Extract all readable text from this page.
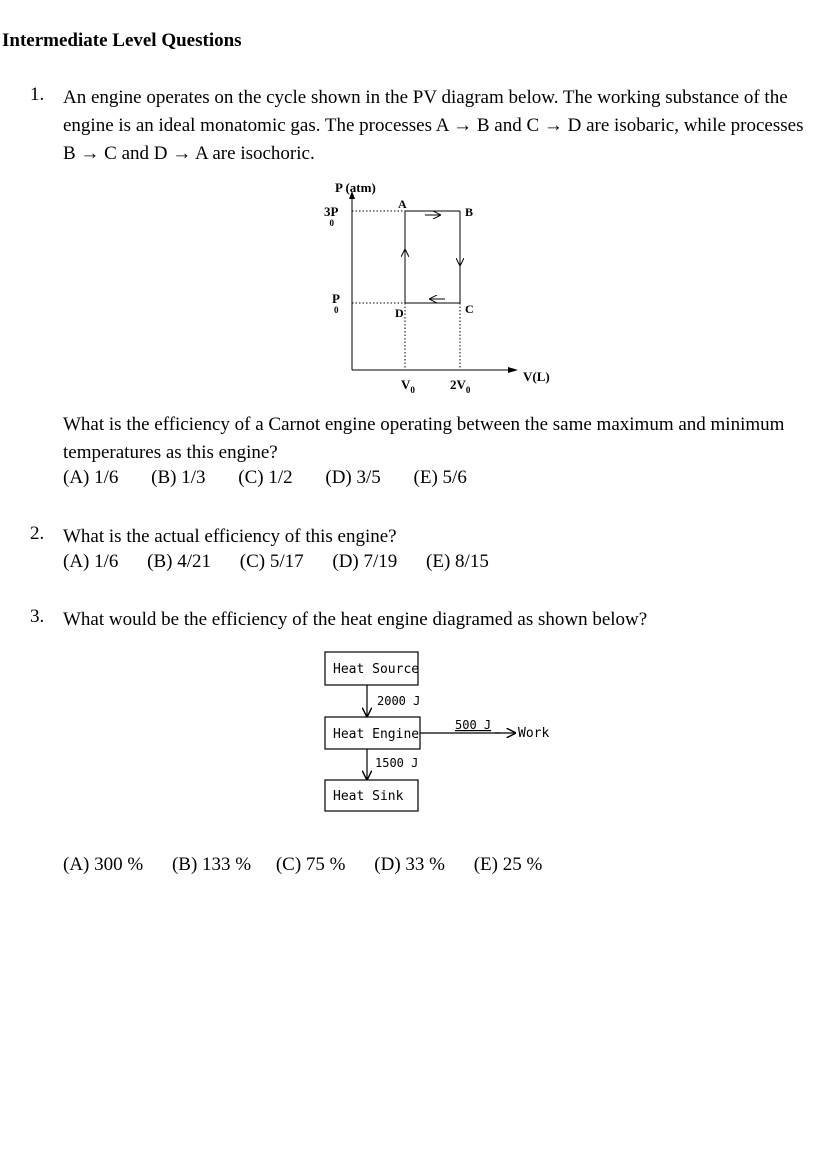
Intermediate Level Questions
1. An engine operates on the cycle shown in the PV diagram below. The working substance of the engine is an ideal monatomic gas. The processes A → B and C → D are isobaric, while processes B → C and D → A are isochoric.
P (atm)
V(L)
3P 0
P 0
$V_0$	$2V_0$
A
B
C
D
What is the efficiency of a Carnot engine operating between the same maximum and minimum temperatures as this engine?
(A) 1/6 (B) 1/3 (C) 1/2 (D) 3/5 (E) 5/6
2. What is the actual efficiency of this engine?
(A) 1/6 (B) 4/21 (C) 5/17 (D) 7/19 (E) 8/15
3. What would be the efficiency of the heat engine diagramed as shown below?
Heat Source
Heat Engine
Heat Sink
2000 J
1500 J
500 J
Work
(A) 300 % (B) 133 % (C) 75 % (D) 33 % (E) 25 %
